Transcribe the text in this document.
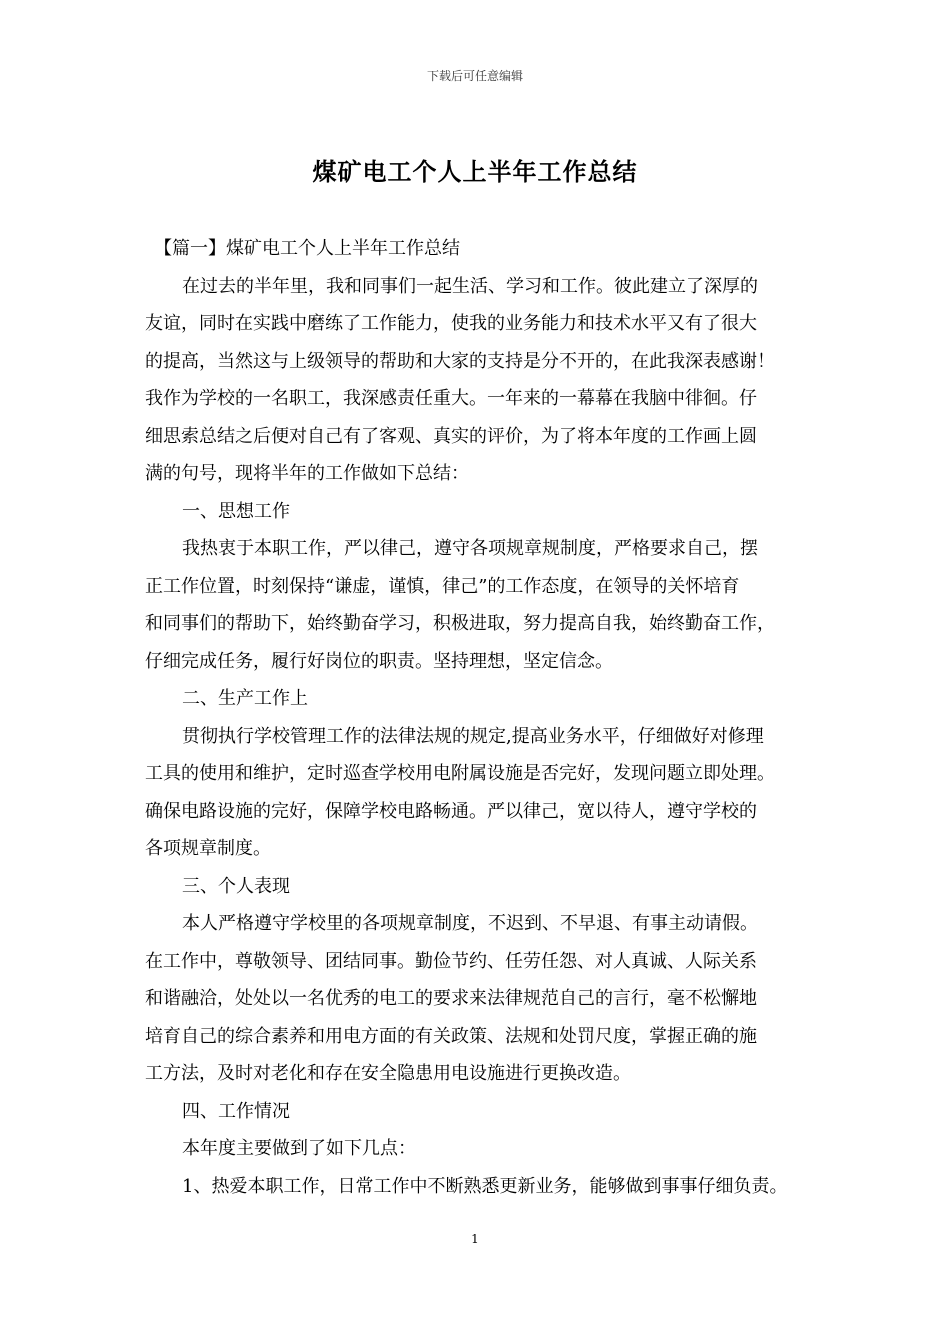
下载后可任意编辑
煤矿电工个人上半年工作总结
【篇一】煤矿电工个人上半年工作总结
在过去的半年里，我和同事们一起生活、学习和工作。彼此建立了深厚的
友谊，同时在实践中磨练了工作能力，使我的业务能力和技术水平又有了很大
的提高，当然这与上级领导的帮助和大家的支持是分不开的，在此我深表感谢！
我作为学校的一名职工，我深感责任重大。一年来的一幕幕在我脑中徘徊。仔
细思索总结之后便对自己有了客观、真实的评价，为了将本年度的工作画上圆
满的句号，现将半年的工作做如下总结：
一、思想工作
我热衷于本职工作，严以律己，遵守各项规章规制度，严格要求自己，摆
正工作位置，时刻保持“谦虚，谨慎，律己”的工作态度，在领导的关怀培育
和同事们的帮助下，始终勤奋学习，积极进取，努力提高自我，始终勤奋工作，
仔细完成任务，履行好岗位的职责。坚持理想，坚定信念。
二、生产工作上
贯彻执行学校管理工作的法律法规的规定,提高业务水平，仔细做好对修理
工具的使用和维护，定时巡查学校用电附属设施是否完好，发现问题立即处理。
确保电路设施的完好，保障学校电路畅通。严以律己，宽以待人，遵守学校的
各项规章制度。
三、个人表现
本人严格遵守学校里的各项规章制度，不迟到、不早退、有事主动请假。
在工作中，尊敬领导、团结同事。勤俭节约、任劳任怨、对人真诚、人际关系
和谐融洽，处处以一名优秀的电工的要求来法律规范自己的言行，毫不松懈地
培育自己的综合素养和用电方面的有关政策、法规和处罚尺度，掌握正确的施
工方法，及时对老化和存在安全隐患用电设施进行更换改造。
四、工作情况
本年度主要做到了如下几点：
1、热爱本职工作，日常工作中不断熟悉更新业务，能够做到事事仔细负责。
1
